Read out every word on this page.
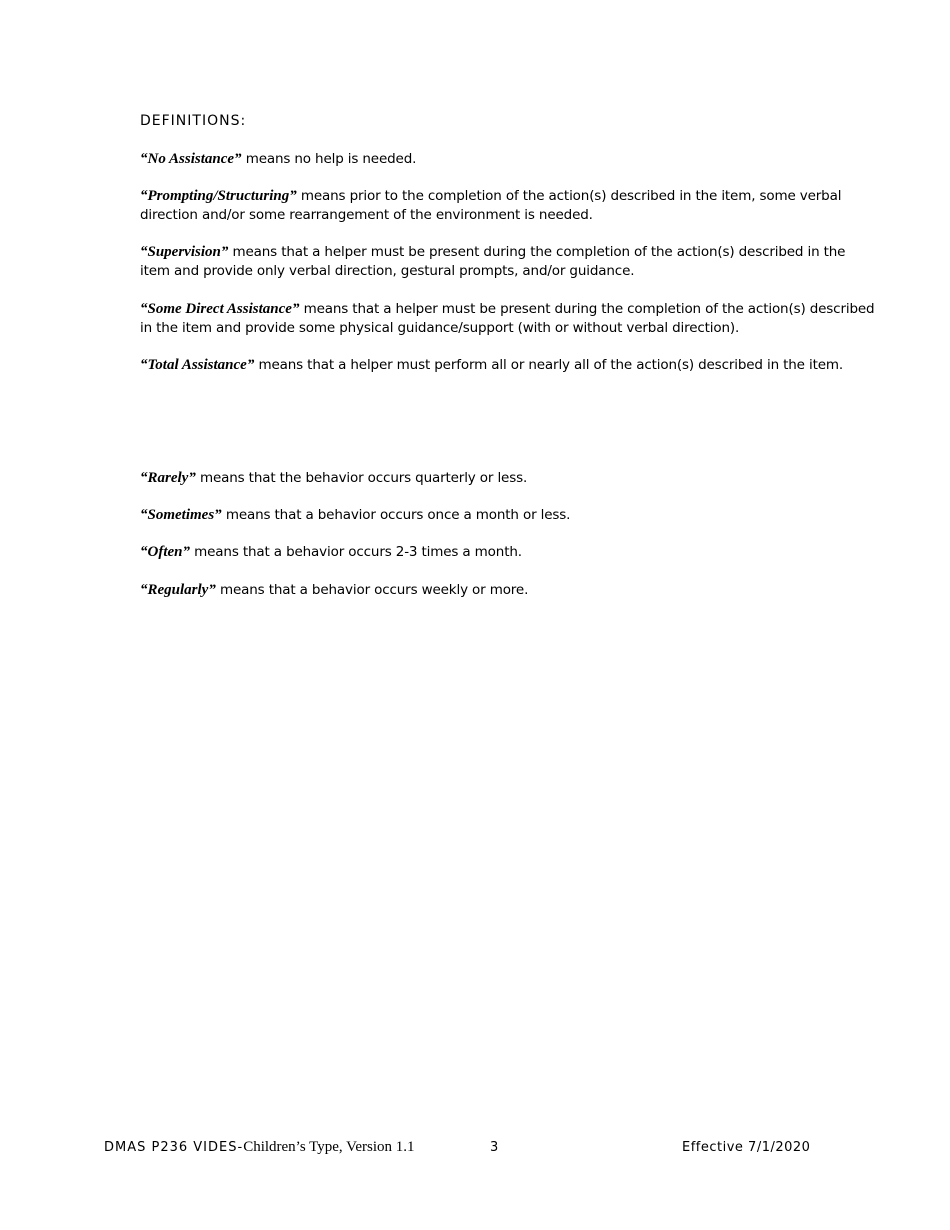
DEFINITIONS:
“No Assistance” means no help is needed.
“Prompting/Structuring” means prior to the completion of the action(s) described in the item, some verbal direction and/or some rearrangement of the environment is needed.
“Supervision” means that a helper must be present during the completion of the action(s) described in the item and provide only verbal direction, gestural prompts, and/or guidance.
“Some Direct Assistance” means that a helper must be present during the completion of the action(s) described in the item and provide some physical guidance/support (with or without verbal direction).
“Total Assistance” means that a helper must perform all or nearly all of the action(s) described in the item.
“Rarely” means that the behavior occurs quarterly or less.
“Sometimes” means that a behavior occurs once a month or less.
“Often” means that a behavior occurs 2-3 times a month.
“Regularly” means that a behavior occurs weekly or more.
DMAS P236 VIDES-Children’s Type, Version 1.1	3	Effective 7/1/2020
